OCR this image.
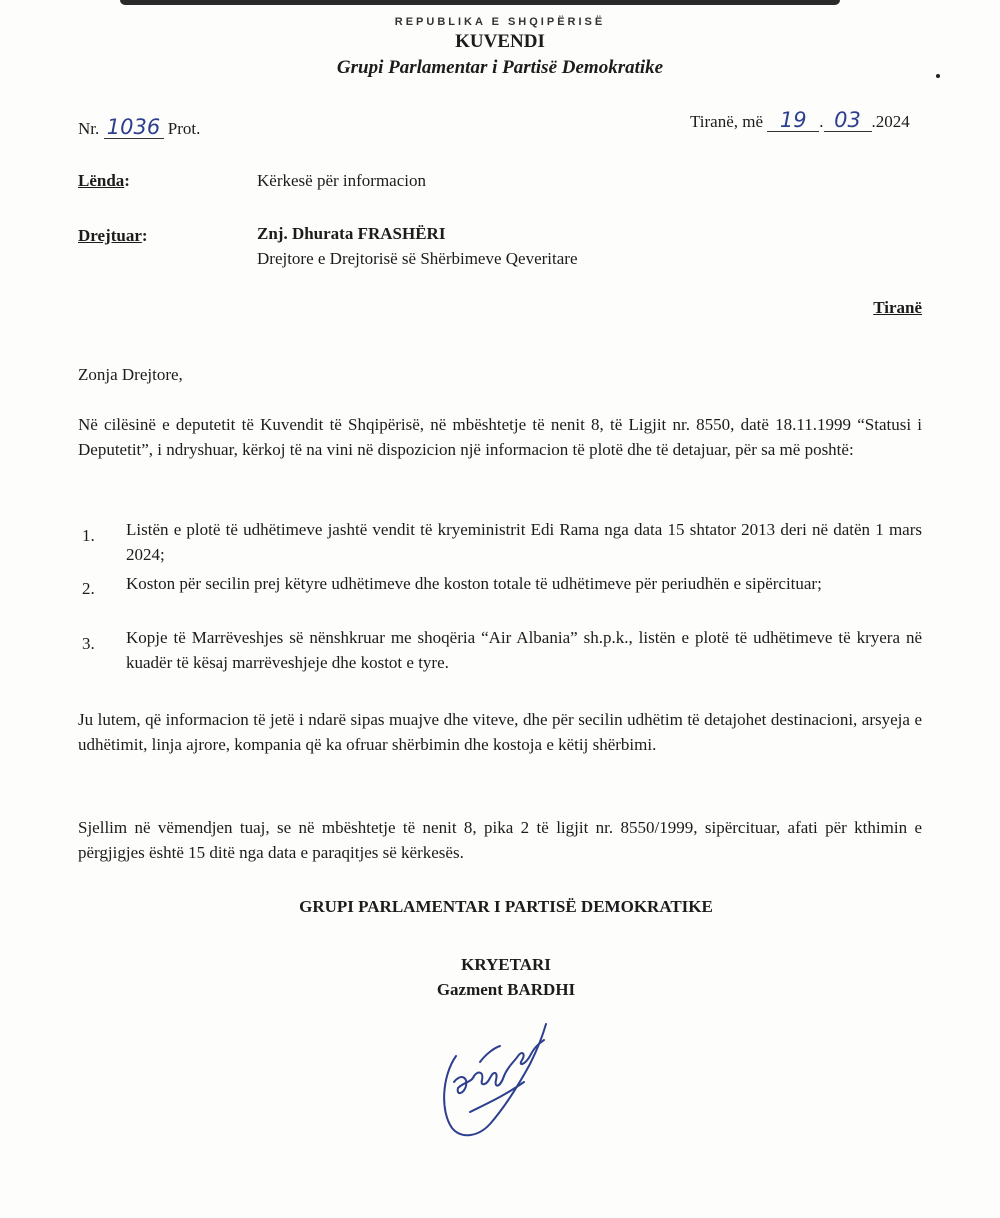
REPUBLIKA E SHQIPËRISË
KUVENDI
Grupi Parlamentar i Partisë Demokratike
Nr. 1036 Prot.	Tiranë, më 19 . 03 .2024
Lënda:	Kërkesë për informacion
Drejtuar:	Znj. Dhurata FRASHËRI
Drejtore e Drejtorisë së Shërbimeve Qeveritare
Tiranë
Zonja Drejtore,
Në cilësinë e deputetit të Kuvendit të Shqipërisë, në mbështetje të nenit 8, të Ligjit nr. 8550, datë 18.11.1999 “Statusi i Deputetit”, i ndryshuar, kërkoj të na vini në dispozicion një informacion të plotë dhe të detajuar, për sa më poshtë:
1. Listën e plotë të udhëtimeve jashtë vendit të kryeministrit Edi Rama nga data 15 shtator 2013 deri në datën 1 mars 2024;
2. Koston për secilin prej këtyre udhëtimeve dhe koston totale të udhëtimeve për periudhën e sipërcituar;
3. Kopje të Marrëveshjes së nënshkruar me shoqëria “Air Albania” sh.p.k., listën e plotë të udhëtimeve të kryera në kuadër të kësaj marrëveshjeje dhe kostot e tyre.
Ju lutem, që informacion të jetë i ndarë sipas muajve dhe viteve, dhe për secilin udhëtim të detajohet destinacioni, arsyeja e udhëtimit, linja ajrore, kompania që ka ofruar shërbimin dhe kostoja e këtij shërbimi.
Sjellim në vëmendjen tuaj, se në mbështetje të nenit 8, pika 2 të ligjit nr. 8550/1999, sipërcituar, afati për kthimin e përgjigjes është 15 ditë nga data e paraqitjes së kërkesës.
GRUPI PARLAMENTAR I PARTISË DEMOKRATIKE
KRYETARI
Gazment BARDHI
